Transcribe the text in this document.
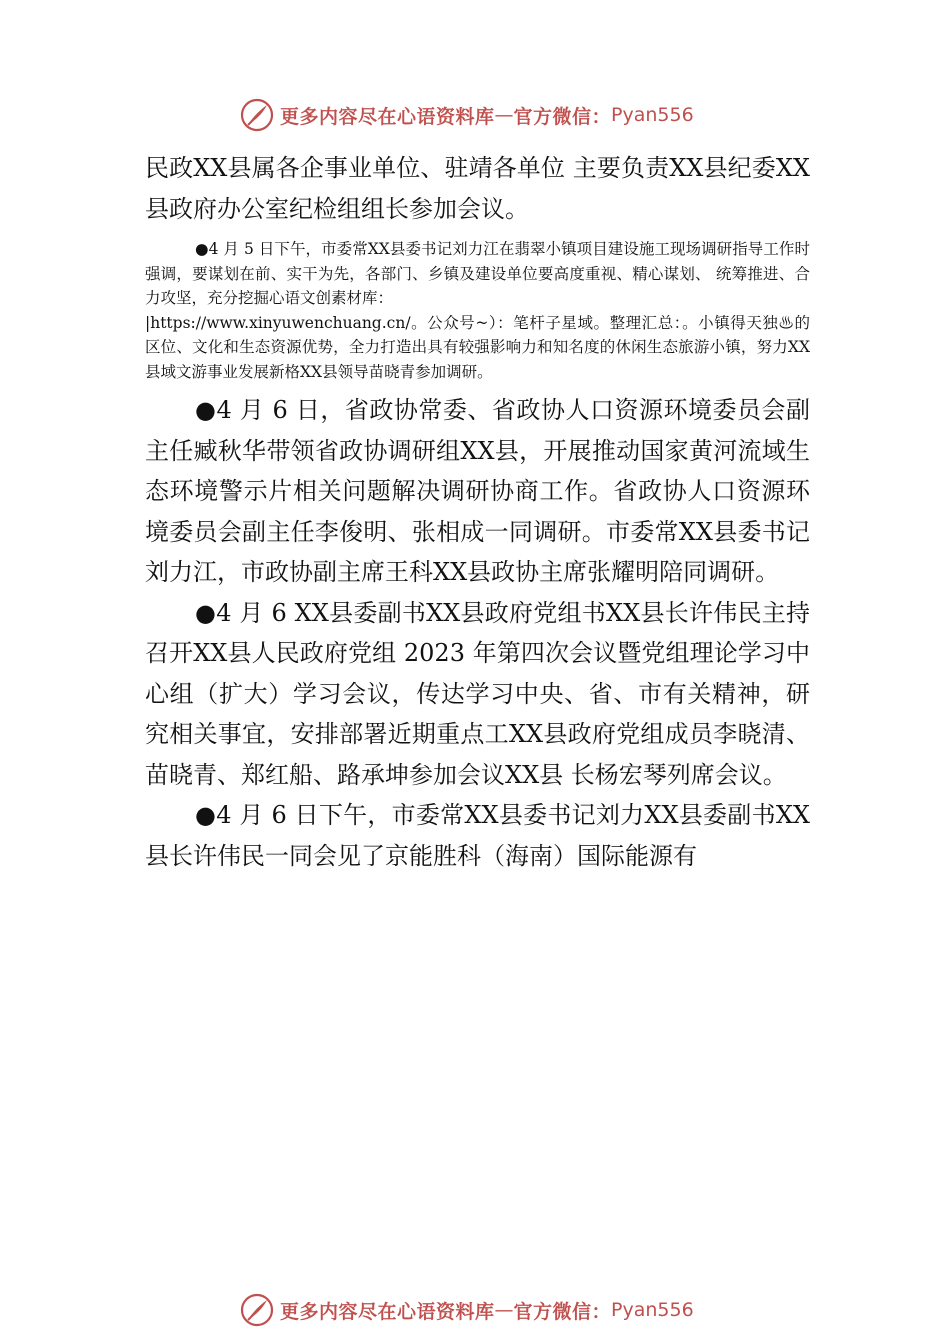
更多内容尽在心语资料库 — 官方微信： Pyan556

民政XX县属各企事业单位、驻靖各单位 主要负责XX县纪委XX县政府办公室纪检组组长参加会议。

●4 月 5 日下午，市委常XX县委书记刘力江在翡翠小镇项目建设施工现场调研指导工作时强调，要谋划在前、实干为先，各部门、乡镇及建设单位要高度重视、精心谋划、 统筹推进、合力攻坚，充分挖掘心语文创素材库：
|https://www.xinyuwenchuang.cn/。公众号~）：笔杆子星域。整理汇总：。小镇得天独♨的区位、文化和生态资源优势，全力打造出具有较强影响力和知名度的休闲生态旅游小镇，努力XX县域文游事业发展新格XX县领导苗晓青参加调研。

●4 月 6 日，省政协常委、省政协人口资源环境委员会副主任臧秋华带领省政协调研组XX县，开展推动国家黄河流域生态环境警示片相关问题解决调研协商工作。省政协人口资源环境委员会副主任李俊明、张相成一同调研。市委常XX县委书记刘力江，市政协副主席王科XX县政协主席张耀明陪同调研。

●4 月 6 XX县委副书XX县政府党组书XX县长许伟民主持召开XX县人民政府党组 2023 年第四次会议暨党组理论学习中心组（扩大）学习会议，传达学习中央、省、市有关精神，研究相关事宜，安排部署近期重点工XX县政府党组成员李晓清、苗晓青、郑红船、路承坤参加会议XX县 长杨宏琴列席会议。

●4 月 6 日下午，市委常XX县委书记刘力XX县委副书XX县长许伟民一同会见了京能胜科（海南）国际能源有

更多内容尽在心语资料库 — 官方微信： Pyan556
